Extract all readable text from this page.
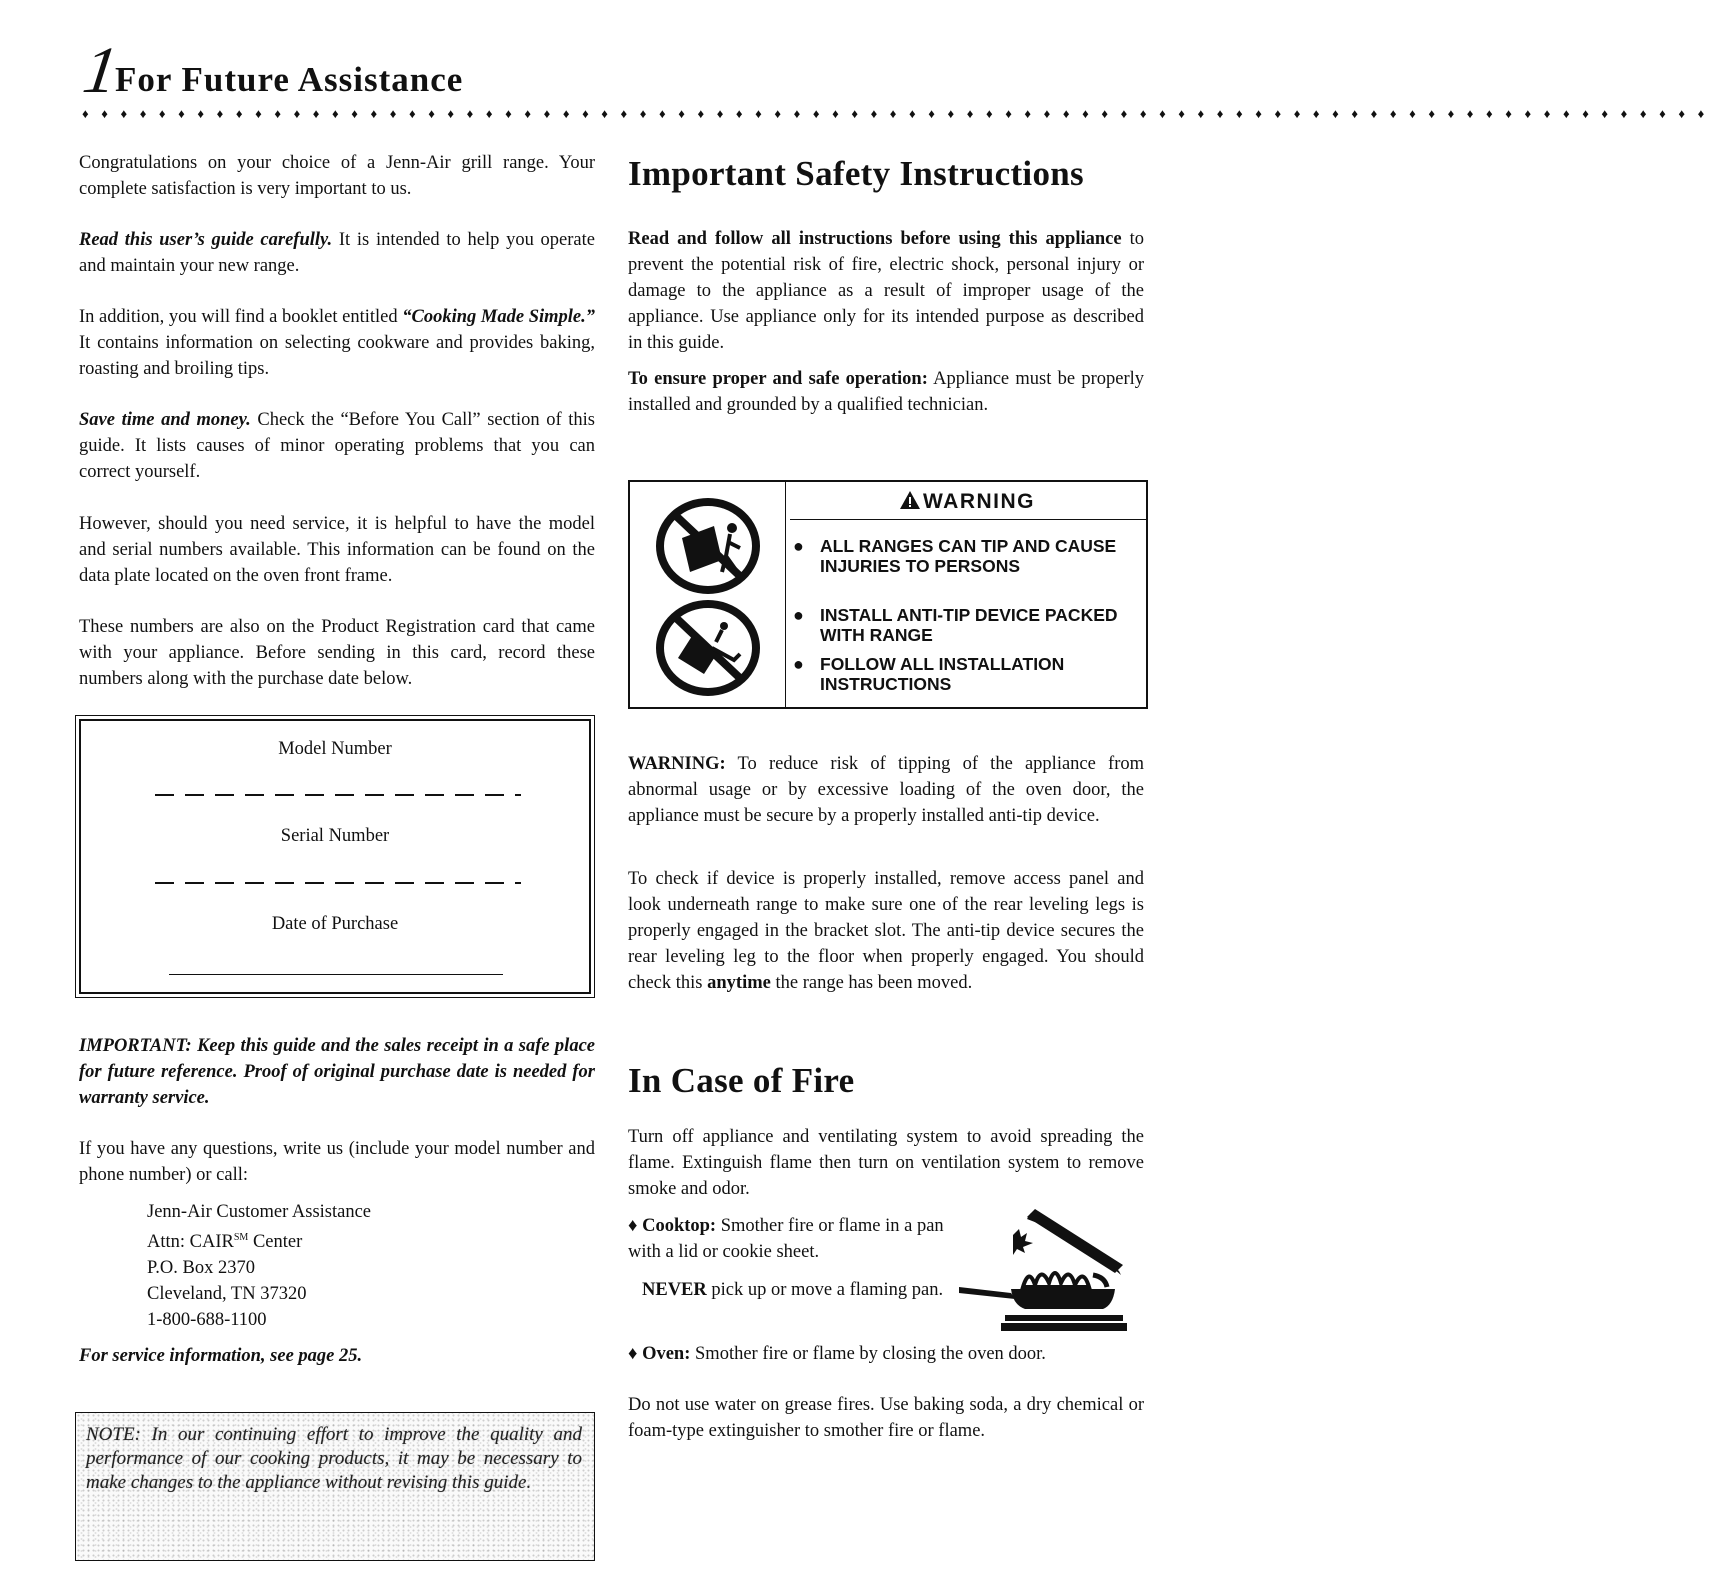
1
For Future Assistance
♦♦♦♦♦♦♦♦♦♦♦♦♦♦♦♦♦♦♦♦♦♦♦♦♦♦♦♦♦♦♦♦♦♦♦♦♦♦♦♦♦♦♦♦♦♦♦♦♦♦♦♦♦♦♦♦♦♦♦♦♦♦♦♦♦♦♦♦♦♦♦♦♦♦♦♦♦♦♦♦♦♦♦♦♦
Congratulations on your choice of a Jenn-Air grill range. Your complete satisfaction is very important to us.
Read this user’s guide carefully. It is intended to help you operate and maintain your new range.
In addition, you will find a booklet entitled “Cooking Made Simple.” It contains information on selecting cookware and provides baking, roasting and broiling tips.
Save time and money. Check the “Before You Call” section of this guide. It lists causes of minor operating problems that you can correct yourself.
However, should you need service, it is helpful to have the model and serial numbers available. This information can be found on the data plate located on the oven front frame.
These numbers are also on the Product Registration card that came with your appliance. Before sending in this card, record these numbers along with the purchase date below.
Model Number
Serial Number
Date of Purchase
IMPORTANT: Keep this guide and the sales receipt in a safe place for future reference. Proof of original purchase date is needed for warranty service.
If you have any questions, write us (include your model number and phone number) or call:
Jenn-Air Customer Assistance
Attn: CAIR℠ Center
P.O. Box 2370
Cleveland, TN 37320
1-800-688-1100
For service information, see page 25.
NOTE: In our continuing effort to improve the quality and performance of our cooking products, it may be necessary to make changes to the appliance without revising this guide.
Important Safety Instructions
Read and follow all instructions before using this appliance to prevent the potential risk of fire, electric shock, personal injury or damage to the appliance as a result of improper usage of the appliance. Use appliance only for its intended purpose as described in this guide.
To ensure proper and safe operation: Appliance must be properly installed and grounded by a qualified technician.
WARNING
● ALL RANGES CAN TIP AND CAUSE INJURIES TO PERSONS
● INSTALL ANTI-TIP DEVICE PACKED WITH RANGE
● FOLLOW ALL INSTALLATION INSTRUCTIONS
WARNING: To reduce risk of tipping of the appliance from abnormal usage or by excessive loading of the oven door, the appliance must be secure by a properly installed anti-tip device.
To check if device is properly installed, remove access panel and look underneath range to make sure one of the rear leveling legs is properly engaged in the bracket slot. The anti-tip device secures the rear leveling leg to the floor when properly engaged. You should check this anytime the range has been moved.
In Case of Fire
Turn off appliance and ventilating system to avoid spreading the flame. Extinguish flame then turn on ventilation system to remove smoke and odor.
♦ Cooktop: Smother fire or flame in a pan with a lid or cookie sheet.
NEVER pick up or move a flaming pan.
♦ Oven: Smother fire or flame by closing the oven door.
Do not use water on grease fires. Use baking soda, a dry chemical or foam-type extinguisher to smother fire or flame.
